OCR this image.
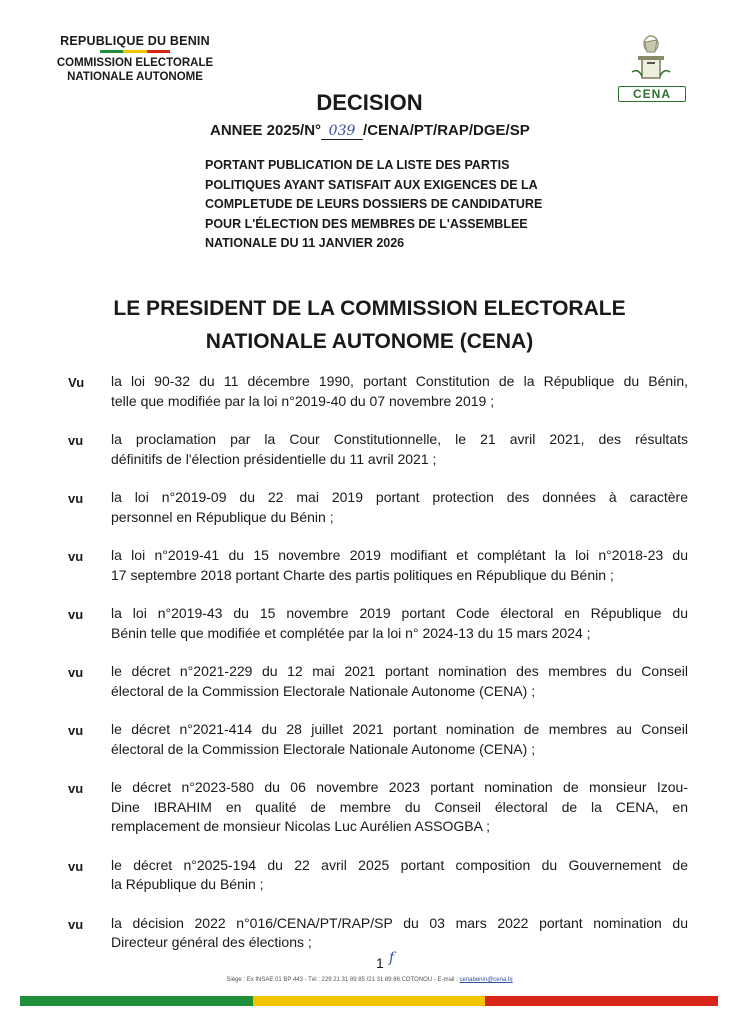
REPUBLIQUE DU BENIN
COMMISSION ELECTORALE
NATIONALE AUTONOME
CENA
DECISION
ANNEE 2025/N° 039 /CENA/PT/RAP/DGE/SP
PORTANT PUBLICATION DE LA LISTE DES PARTIS
POLITIQUES AYANT SATISFAIT AUX EXIGENCES DE LA
COMPLETUDE DE LEURS DOSSIERS DE CANDIDATURE
POUR L'ÉLECTION DES MEMBRES DE L'ASSEMBLEE
NATIONALE DU 11 JANVIER 2026
LE PRESIDENT DE LA COMMISSION ELECTORALE
NATIONALE AUTONOME (CENA)
Vu	la loi 90-32 du 11 décembre 1990, portant Constitution de la République du Bénin,
telle que modifiée par la loi n°2019-40 du 07 novembre 2019 ;
vu	la proclamation par la Cour Constitutionnelle, le 21 avril 2021, des résultats
définitifs de l'élection présidentielle du 11 avril 2021 ;
vu	la loi n°2019-09 du 22 mai 2019 portant protection des données à caractère
personnel en République du Bénin ;
vu	la loi n°2019-41 du 15 novembre 2019 modifiant et complétant la loi n°2018-23 du
17 septembre 2018 portant Charte des partis politiques en République du Bénin ;
vu	la loi n°2019-43 du 15 novembre 2019 portant Code électoral en République du
Bénin telle que modifiée et complétée par la loi n° 2024-13 du 15 mars 2024 ;
vu	le décret n°2021-229 du 12 mai 2021 portant nomination des membres du Conseil
électoral de la Commission Electorale Nationale Autonome (CENA) ;
vu	le décret n°2021-414 du 28 juillet 2021 portant nomination de membres au Conseil
électoral de la Commission Electorale Nationale Autonome (CENA) ;
vu	le décret n°2023-580 du 06 novembre 2023 portant nomination de monsieur Izou-
Dine IBRAHIM en qualité de membre du Conseil électoral de la CENA, en
remplacement de monsieur Nicolas Luc Aurélien ASSOGBA ;
vu	le décret n°2025-194 du 22 avril 2025 portant composition du Gouvernement de
la République du Bénin ;
vu	la décision 2022 n°016/CENA/PT/RAP/SP du 03 mars 2022 portant nomination du
Directeur général des élections ;
1 f
Siège : Ex INSAE 01 BP 443 - Tél : 229 21 31 89 85 /21 31 89 86 COTONOU - E-mail : cenabenin@cena.bj
